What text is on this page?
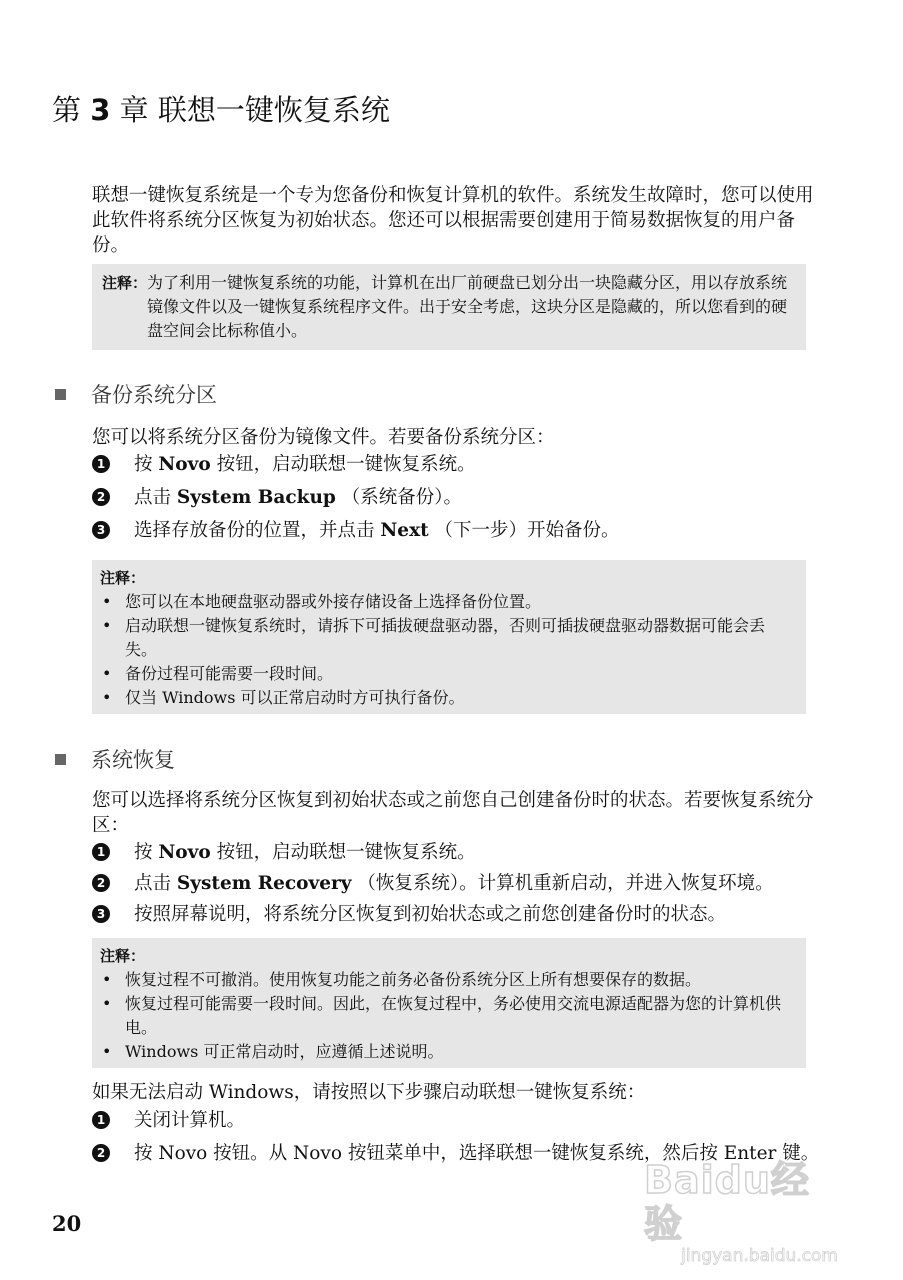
第 3 章 联想一键恢复系统

联想一键恢复系统是一个专为您备份和恢复计算机的软件。系统发生故障时，您可以使用此软件将系统分区恢复为初始状态。您还可以根据需要创建用于简易数据恢复的用户备份。

注释： 为了利用一键恢复系统的功能，计算机在出厂前硬盘已划分出一块隐藏分区，用以存放系统镜像文件以及一键恢复系统程序文件。出于安全考虑，这块分区是隐藏的，所以您看到的硬盘空间会比标称值小。
备份系统分区

您可以将系统分区备份为镜像文件。若要备份系统分区：

1 按 Novo 按钮，启动联想一键恢复系统。
2 点击 System Backup （系统备份）。
3 选择存放备份的位置，并点击 Next （下一步）开始备份。
注释：
• 您可以在本地硬盘驱动器或外接存储设备上选择备份位置。
• 启动联想一键恢复系统时，请拆下可插拔硬盘驱动器，否则可插拔硬盘驱动器数据可能会丢失。
• 备份过程可能需要一段时间。
• 仅当 Windows 可以正常启动时方可执行备份。
系统恢复

您可以选择将系统分区恢复到初始状态或之前您自己创建备份时的状态。若要恢复系统分区：

1 按 Novo 按钮，启动联想一键恢复系统。
2 点击 System Recovery （恢复系统）。计算机重新启动，并进入恢复环境。
3 按照屏幕说明，将系统分区恢复到初始状态或之前您创建备份时的状态。
注释：
• 恢复过程不可撤消。使用恢复功能之前务必备份系统分区上所有想要保存的数据。
• 恢复过程可能需要一段时间。因此，在恢复过程中，务必使用交流电源适配器为您的计算机供电。
• Windows 可正常启动时，应遵循上述说明。

如果无法启动 Windows，请按照以下步骤启动联想一键恢复系统：

1 关闭计算机。
2 按 Novo 按钮。从 Novo 按钮菜单中，选择联想一键恢复系统，然后按 Enter 键。
20
Baidu经验
jingyan.baidu.com
